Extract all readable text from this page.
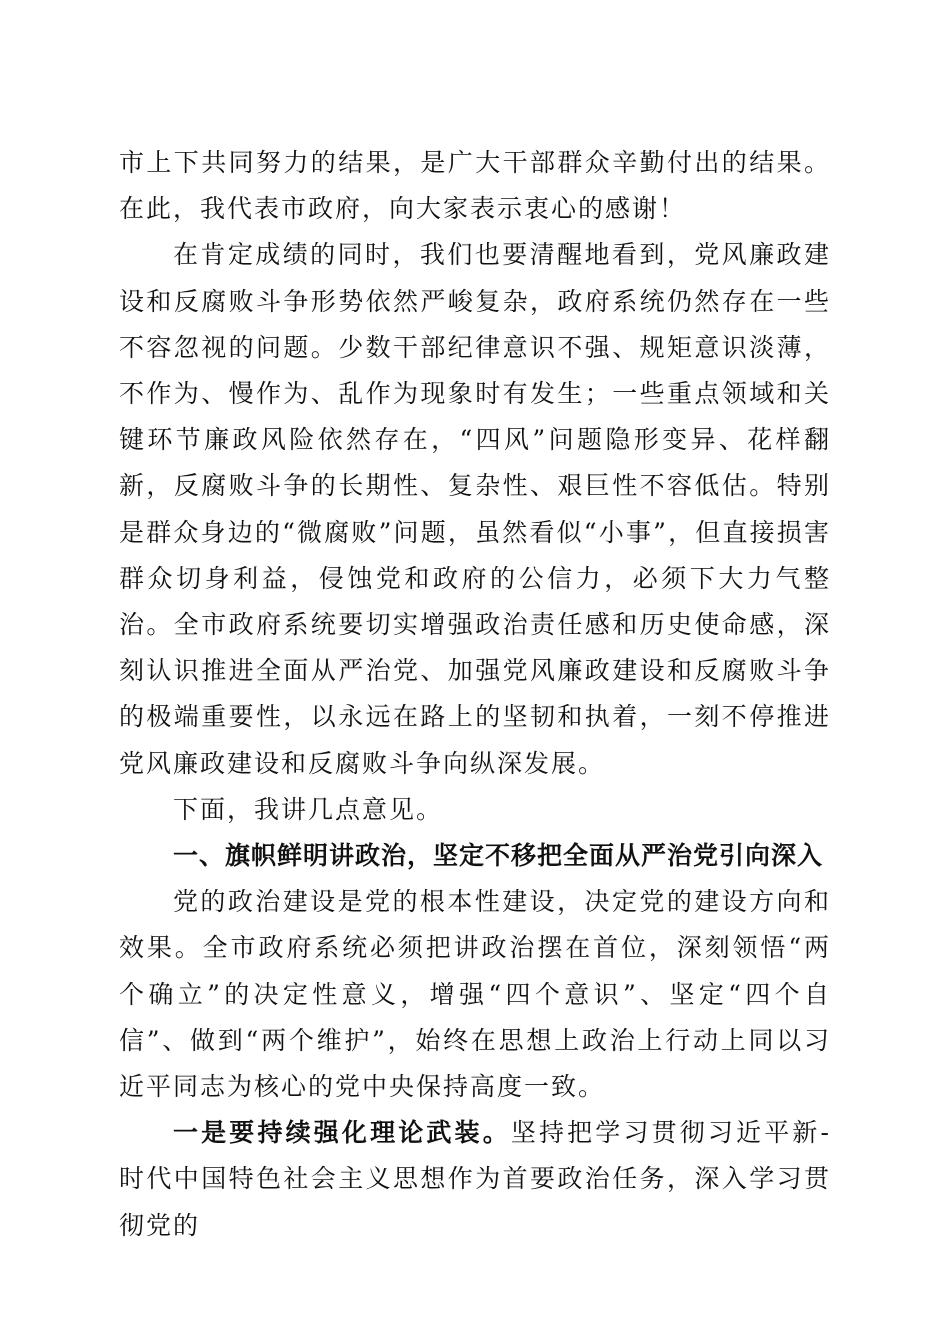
市上下共同努力的结果，是广大干部群众辛勤付出的结果。在此，我代表市政府，向大家表示衷心的感谢！

在肯定成绩的同时，我们也要清醒地看到，党风廉政建设和反腐败斗争形势依然严峻复杂，政府系统仍然存在一些不容忽视的问题。少数干部纪律意识不强、规矩意识淡薄，不作为、慢作为、乱作为现象时有发生；一些重点领域和关键环节廉政风险依然存在，“四风”问题隐形变异、花样翻新，反腐败斗争的长期性、复杂性、艰巨性不容低估。特别是群众身边的“微腐败”问题，虽然看似“小事”，但直接损害群众切身利益，侵蚀党和政府的公信力，必须下大力气整治。全市政府系统要切实增强政治责任感和历史使命感，深刻认识推进全面从严治党、加强党风廉政建设和反腐败斗争的极端重要性，以永远在路上的坚韧和执着，一刻不停推进党风廉政建设和反腐败斗争向纵深发展。

下面，我讲几点意见。

一、旗帜鲜明讲政治，坚定不移把全面从严治党引向深入

党的政治建设是党的根本性建设，决定党的建设方向和效果。全市政府系统必须把讲政治摆在首位，深刻领悟“两个确立”的决定性意义，增强“四个意识”、坚定“四个自信”、做到“两个维护”，始终在思想上政治上行动上同以习近平同志为核心的党中央保持高度一致。

一是要持续强化理论武装。坚持把学习贯彻习近平新-时代中国特色社会主义思想作为首要政治任务，深入学习贯彻党的
